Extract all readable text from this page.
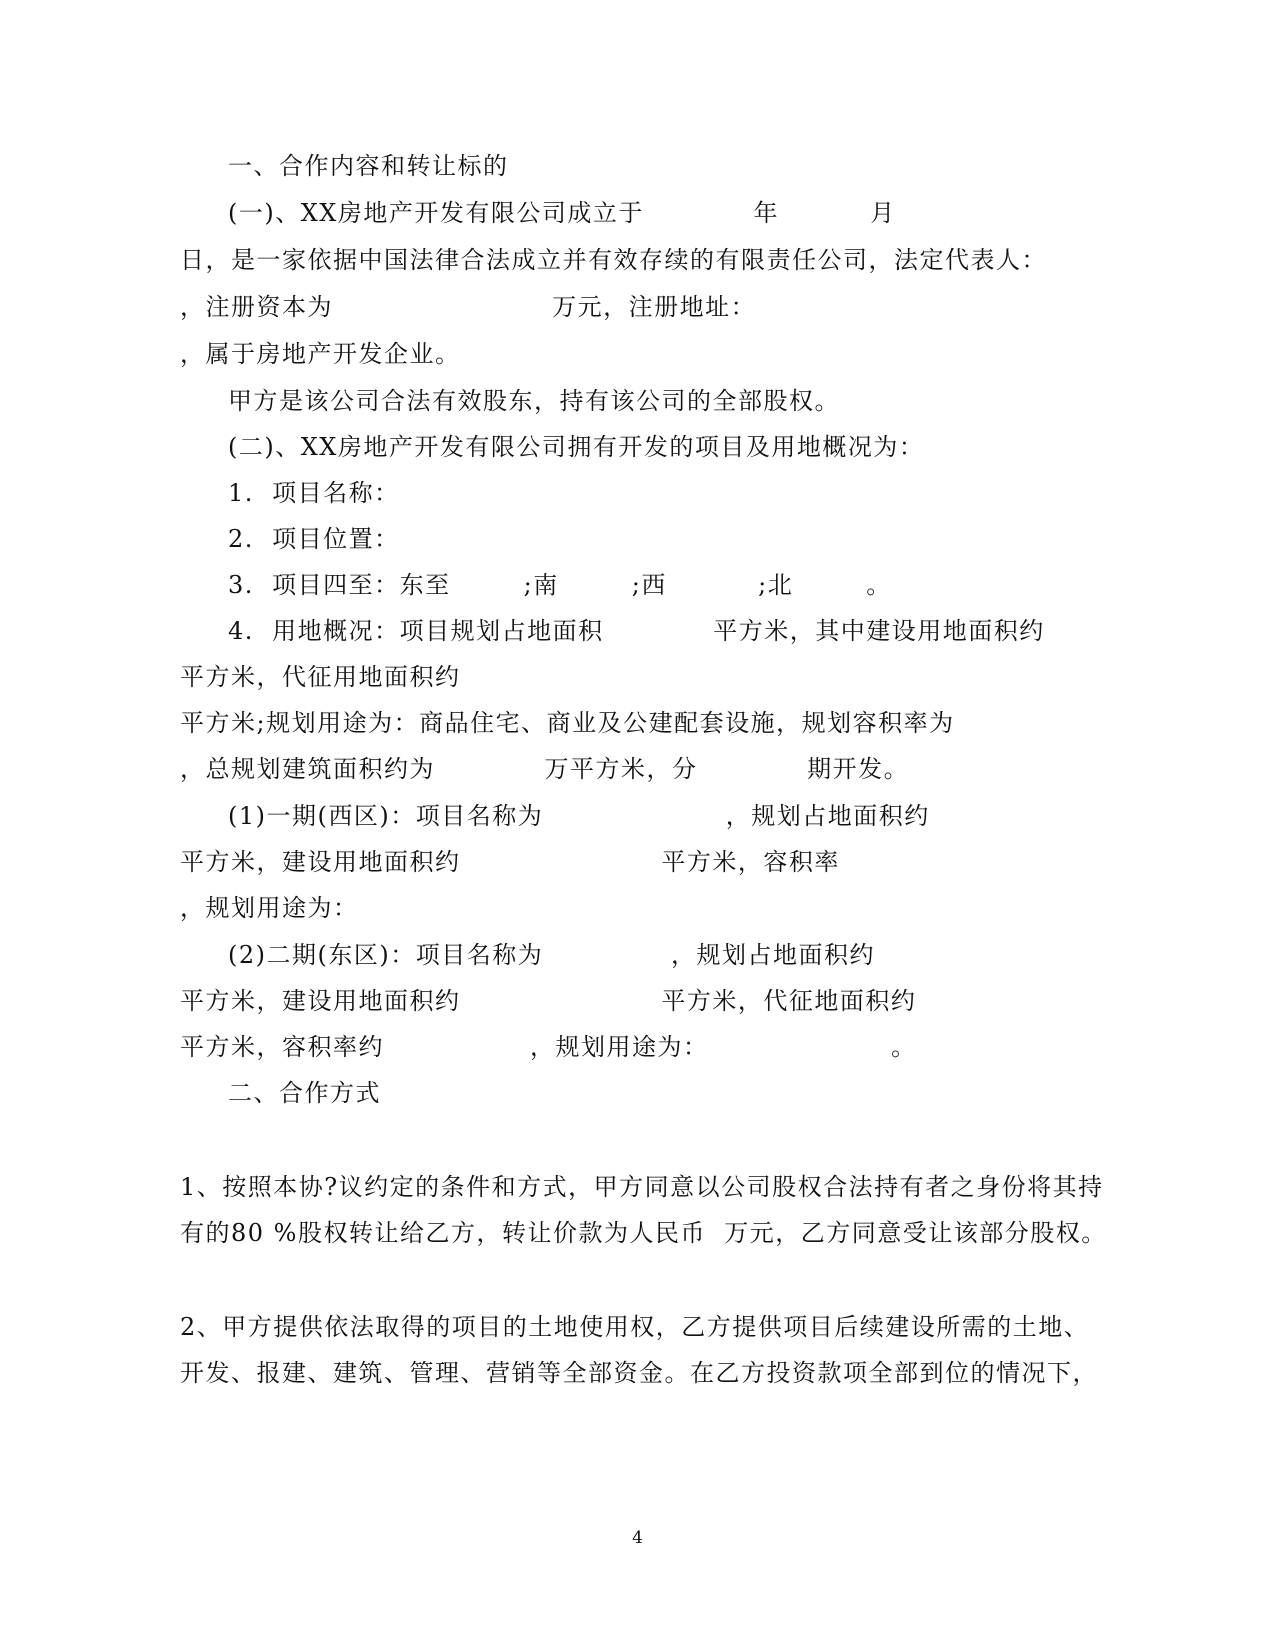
一、合作内容和转让标的

(一)、XX房地产开发有限公司成立于            年          月

日，是一家依据中国法律合法成立并有效存续的有限责任公司，法定代表人：

，注册资本为                        万元，注册地址：

，属于房地产开发企业。

甲方是该公司合法有效股东，持有该公司的全部股权。

(二)、XX房地产开发有限公司拥有开发的项目及用地概况为：

1.  项目名称：

2.  项目位置：

3.  项目四至：东至        ;南        ;西          ;北        。

4.  用地概况：项目规划占地面积            平方米，其中建设用地面积约

平方米，代征用地面积约

平方米;规划用途为：商品住宅、商业及公建配套设施，规划容积率为

，总规划建筑面积约为            万平方米，分            期开发。

(1)一期(西区)：项目名称为                    ，规划占地面积约

平方米，建设用地面积约                      平方米，容积率

，规划用途为：

(2)二期(东区)：项目名称为              ，规划占地面积约

平方米，建设用地面积约                      平方米，代征地面积约

平方米，容积率约                ，规划用途为：                    。

二、合作方式

1、按照本协?议约定的条件和方式，甲方同意以公司股权合法持有者之身份将其持

有的80 %股权转让给乙方，转让价款为人民币  万元，乙方同意受让该部分股权。

2、甲方提供依法取得的项目的土地使用权，乙方提供项目后续建设所需的土地、

开发、报建、建筑、管理、营销等全部资金。在乙方投资款项全部到位的情况下，

4
